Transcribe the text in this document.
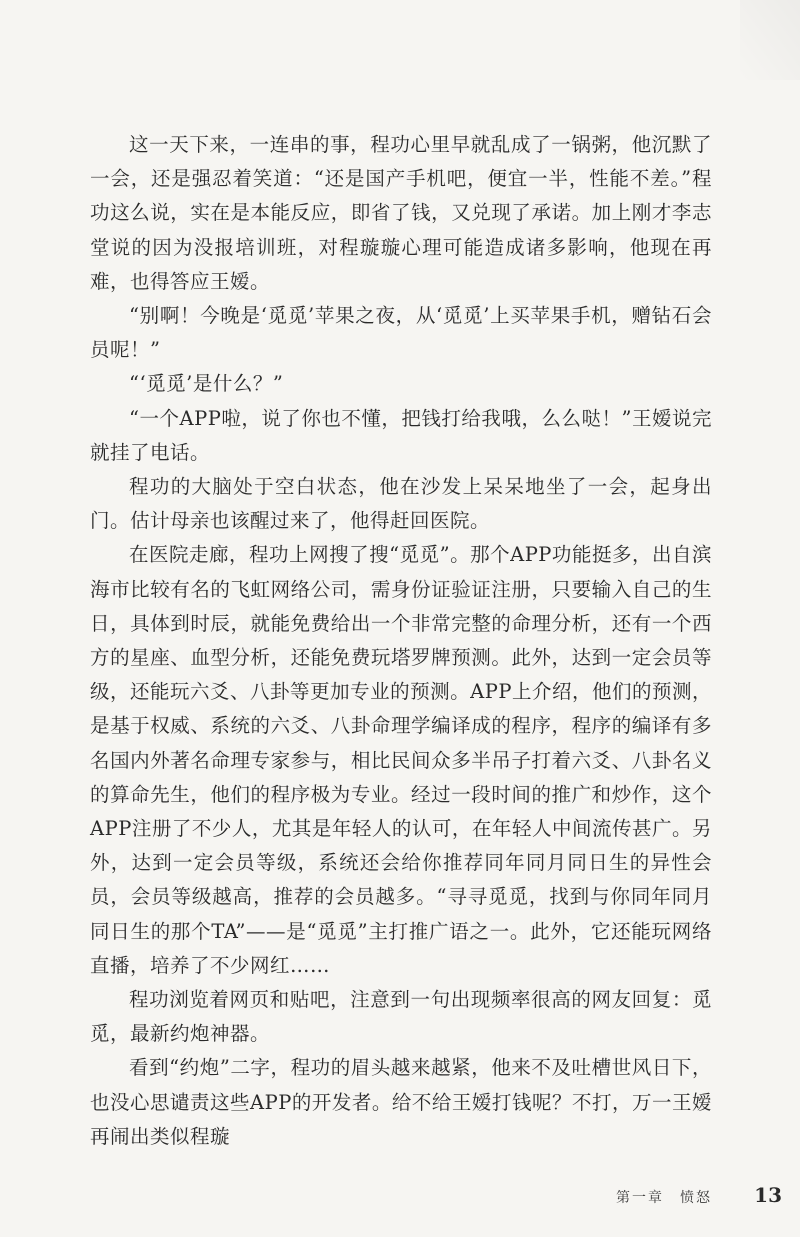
这一天下来，一连串的事，程功心里早就乱成了一锅粥，他沉默了一会，还是强忍着笑道：“还是国产手机吧，便宜一半，性能不差。”程功这么说，实在是本能反应，即省了钱，又兑现了承诺。加上刚才李志堂说的因为没报培训班，对程璇璇心理可能造成诸多影响，他现在再难，也得答应王嫒。

“别啊！今晚是‘觅觅’苹果之夜，从‘觅觅’上买苹果手机，赠钻石会员呢！”

“‘觅觅’是什么？”

“一个APP啦，说了你也不懂，把钱打给我哦，么么哒！”王嫒说完就挂了电话。

程功的大脑处于空白状态，他在沙发上呆呆地坐了一会，起身出门。估计母亲也该醒过来了，他得赶回医院。

在医院走廊，程功上网搜了搜“觅觅”。那个APP功能挺多，出自滨海市比较有名的飞虹网络公司，需身份证验证注册，只要输入自己的生日，具体到时辰，就能免费给出一个非常完整的命理分析，还有一个西方的星座、血型分析，还能免费玩塔罗牌预测。此外，达到一定会员等级，还能玩六爻、八卦等更加专业的预测。APP上介绍，他们的预测，是基于权威、系统的六爻、八卦命理学编译成的程序，程序的编译有多名国内外著名命理专家参与，相比民间众多半吊子打着六爻、八卦名义的算命先生，他们的程序极为专业。经过一段时间的推广和炒作，这个APP注册了不少人，尤其是年轻人的认可，在年轻人中间流传甚广。另外，达到一定会员等级，系统还会给你推荐同年同月同日生的异性会员，会员等级越高，推荐的会员越多。“寻寻觅觅，找到与你同年同月同日生的那个TA”——是“觅觅”主打推广语之一。此外，它还能玩网络直播，培养了不少网红……

程功浏览着网页和贴吧，注意到一句出现频率很高的网友回复：觅觅，最新约炮神器。

看到“约炮”二字，程功的眉头越来越紧，他来不及吐槽世风日下，也没心思谴责这些APP的开发者。给不给王嫒打钱呢？不打，万一王嫒再闹出类似程璇

第一章　愤怒 13
